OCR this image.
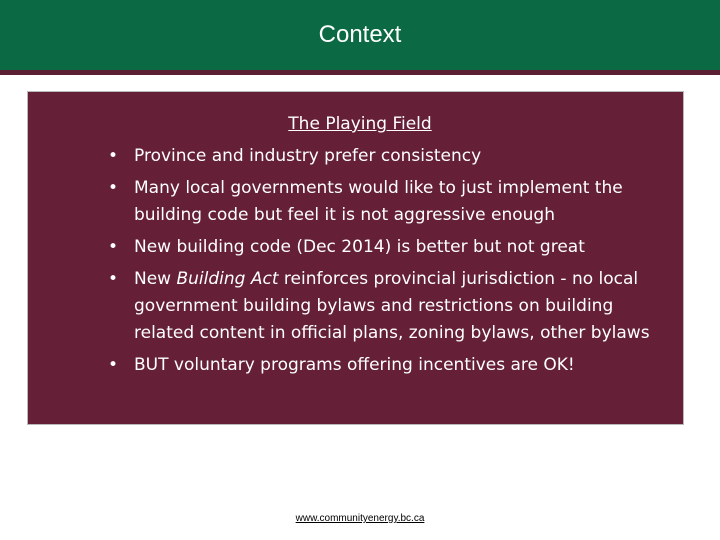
Context
The Playing Field
• Province and industry prefer consistency
• Many local governments would like to just implement the building code but feel it is not aggressive enough
• New building code (Dec 2014) is better but not great
• New Building Act reinforces provincial jurisdiction - no local government building bylaws and restrictions on building related content in official plans, zoning bylaws, other bylaws
• BUT voluntary programs offering incentives are OK!
www.communityenergy.bc.ca
